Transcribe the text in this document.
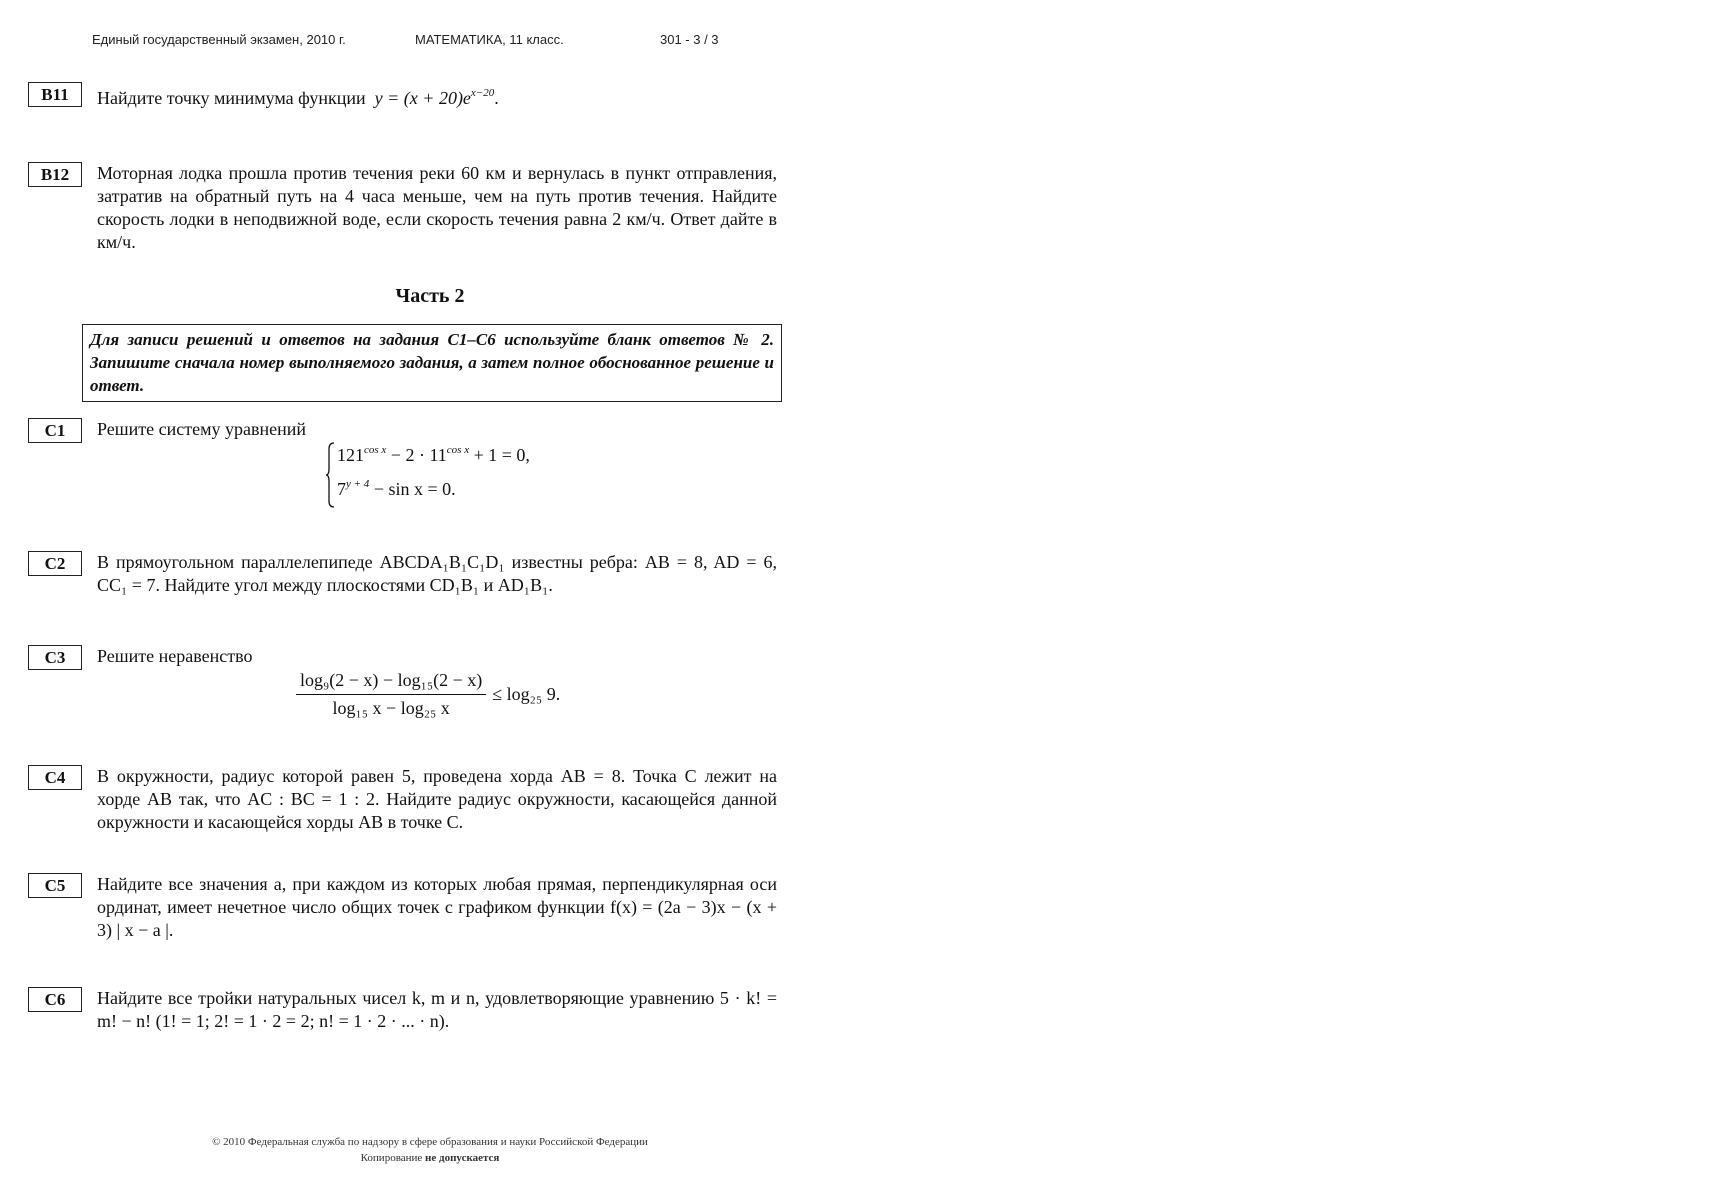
Единый государственный экзамен, 2010 г.	МАТЕМАТИКА, 11 класс.	301 - 3 / 3
B11	Найдите точку минимума функции $y = (x + 20)e^{x-20}$.

B12	Моторная лодка прошла против течения реки 60 км и вернулась в пункт отправления, затратив на обратный путь на 4 часа меньше, чем на путь против течения. Найдите скорость лодки в неподвижной воде, если скорость течения равна 2 км/ч. Ответ дайте в км/ч.

Часть 2
Для записи решений и ответов на задания С1–С6 используйте бланк ответов № 2. Запишите сначала номер выполняемого задания, а затем полное обоснованное решение и ответ.
C1	Решите систему уравнений

$121^{cos x} - 2 \cdot 11^{cos x} + 1 = 0$,
$7^{y + 4} - \sin x = 0$.
C2	В прямоугольном параллелепипеде ABCDA₁B₁C₁D₁ известны ребра: AB = 8, AD = 6, CC₁ = 7. Найдите угол между плоскостями CD₁B₁ и AD₁B₁.

C3	Решите неравенство

$\frac{\text{log₉(2 − x) − log₁₅(2 − x)}}{\text{log₁₅ x − log₂₅ x}} \le \log_{25}$ 9.
C4	В окружности, радиус которой равен 5, проведена хорда AB = 8. Точка C лежит на хорде AB так, что AC : BC = 1 : 2. Найдите радиус окружности, касающейся данной окружности и касающейся хорды AB в точке C.

C5	Найдите все значения a, при каждом из которых любая прямая, перпендикулярная оси ординат, имеет нечетное число общих точек с графиком функции f(x) = (2a − 3)x − (x + 3) | x − a |.

C6	Найдите все тройки натуральных чисел k, m и n, удовлетворяющие уравнению 5 · k! = m! − n! (1! = 1; 2! = 1 · 2 = 2; n! = 1 · 2 · ... · n).

© 2010 Федеральная служба по надзору в сфере образования и науки Российской Федерации
Копирование не допускается
